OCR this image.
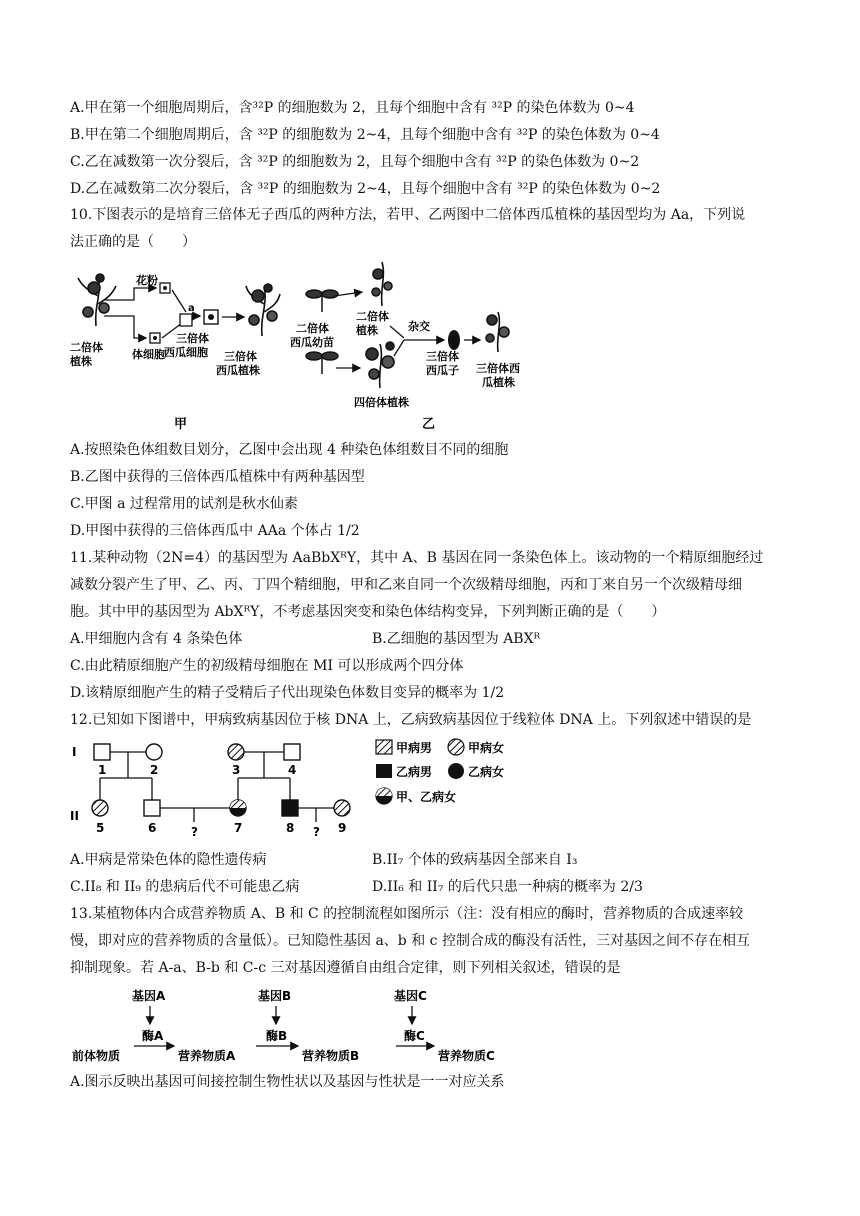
A.甲在第一个细胞周期后，含³²P 的细胞数为 2，且每个细胞中含有 ³²P 的染色体数为 0~4
B.甲在第二个细胞周期后，含 ³²P 的细胞数为 2~4，且每个细胞中含有 ³²P 的染色体数为 0~4
C.乙在减数第一次分裂后，含 ³²P 的细胞数为 2，且每个细胞中含有 ³²P 的染色体数为 0~2
D.乙在减数第二次分裂后，含 ³²P 的细胞数为 2~4，且每个细胞中含有 ³²P 的染色体数为 0~2
10.下图表示的是培育三倍体无子西瓜的两种方法，若甲、乙两图中二倍体西瓜植株的基因型均为 Aa，下列说
法正确的是（　　）
二倍体
植株
花粉
体细胞
a
三倍体
西瓜细胞 三倍体
西瓜植株
甲
二倍体
西瓜幼苗
二倍体
植株
四倍体植株
杂交
三倍体
西瓜子 三倍体西
瓜植株
乙
A.按照染色体组数目划分，乙图中会出现 4 种染色体组数目不同的细胞
B.乙图中获得的三倍体西瓜植株中有两种基因型
C.甲图 a 过程常用的试剂是秋水仙素
D.甲图中获得的三倍体西瓜中 AAa 个体占 1/2
11.某种动物（2N=4）的基因型为 AaBbXᴿY，其中 A、B 基因在同一条染色体上。该动物的一个精原细胞经过
减数分裂产生了甲、乙、丙、丁四个精细胞，甲和乙来自同一个次级精母细胞，丙和丁来自另一个次级精母细
胞。其中甲的基因型为 AbXᴿY，不考虑基因突变和染色体结构变异，下列判断正确的是（　　）
A.甲细胞内含有 4 条染色体	B.乙细胞的基因型为 ABXᴿ
C.由此精原细胞产生的初级精母细胞在 MI 可以形成两个四分体
D.该精原细胞产生的精子受精后子代出现染色体数目变异的概率为 1/2
12.已知如下图谱中，甲病致病基因位于核 DNA 上，乙病致病基因位于线粒体 DNA 上。下列叙述中错误的是
I
II
1	2	3	4
?	?
5	6	7	8	9
甲病男	甲病女
乙病男	乙病女
甲、乙病女
A.甲病是常染色体的隐性遗传病	B.II₇ 个体的致病基因全部来自 I₃
C.II₈ 和 II₉ 的患病后代不可能患乙病	D.II₆ 和 II₇ 的后代只患一种病的概率为 2/3
13.某植物体内合成营养物质 A、B 和 C 的控制流程如图所示（注：没有相应的酶时，营养物质的合成速率较
慢，即对应的营养物质的含量低）。已知隐性基因 a、b 和 c 控制合成的酶没有活性，三对基因之间不存在相互
抑制现象。若 A-a、B-b 和 C-c 三对基因遵循自由组合定律，则下列相关叙述，错误的是
基因A	基因B	基因C
酶A	酶B	酶C
前体物质	营养物质A	营养物质B	营养物质C
A.图示反映出基因可间接控制生物性状以及基因与性状是一一对应关系
